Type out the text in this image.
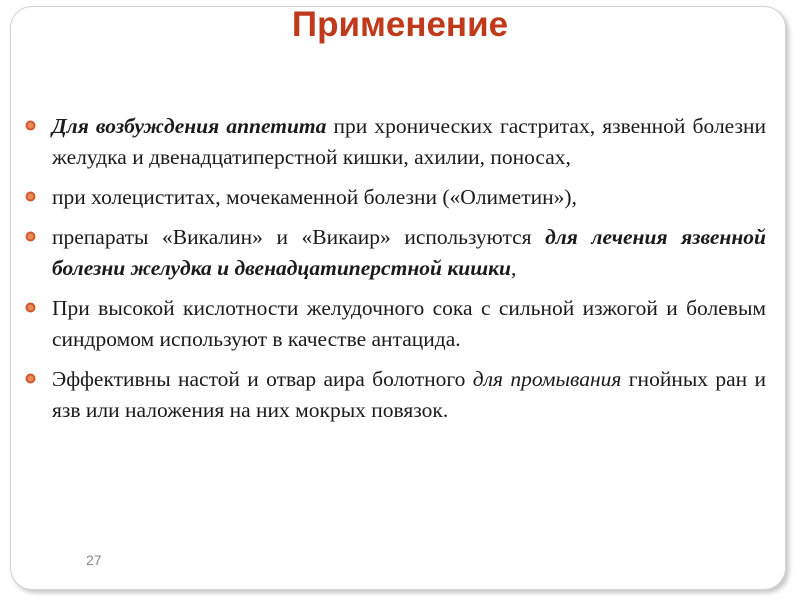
Применение
Для возбуждения аппетита при хронических гастритах, язвенной болезни желудка и двенадцатиперстной кишки, ахилии, поносах,
при холециститах, мочекаменной болезни («Олиметин»),
препараты «Викалин» и «Викаир» используются для лечения язвенной болезни желудка и двенадцатиперстной кишки,
При высокой кислотности желудочного сока с сильной изжогой и болевым синдромом используют в качестве антацида.
Эффективны настой и отвар аира болотного для промывания гнойных ран и язв или наложения на них мокрых повязок.
27
